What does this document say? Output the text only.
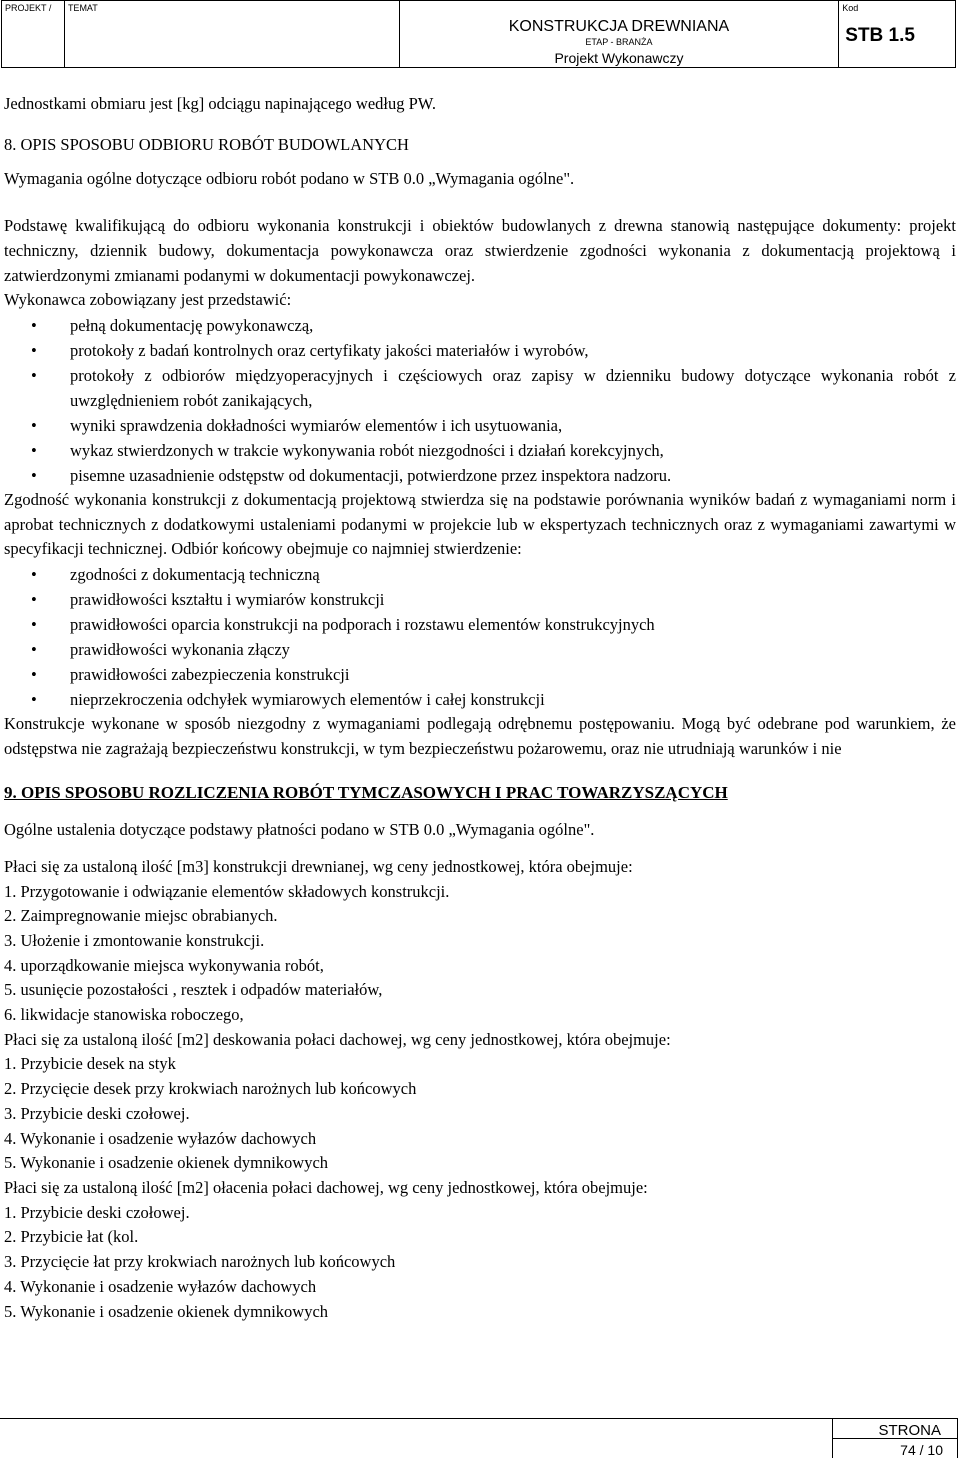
PROJEKT /	TEMAT

KONSTRUKCJA DREWNIANA
ETAP - BRANŻA
Projekt Wykonawczy

Kod
STB 1.5

Jednostkami obmiaru jest [kg] odciągu napinającego według PW.

8. OPIS SPOSOBU ODBIORU ROBÓT BUDOWLANYCH

Wymagania ogólne dotyczące odbioru robót podano w STB 0.0 „Wymagania ogólne".

Podstawę kwalifikującą do odbioru wykonania konstrukcji i obiektów budowlanych z drewna stanowią następujące dokumenty: projekt techniczny, dziennik budowy, dokumentacja powykonawcza oraz stwierdzenie zgodności wykonania z dokumentacją projektową i zatwierdzonymi zmianami podanymi w dokumentacji powykonawczej.

Wykonawca zobowiązany jest przedstawić:

• pełną dokumentację powykonawczą,
• protokoły z badań kontrolnych oraz certyfikaty jakości materiałów i wyrobów,
• protokoły z odbiorów międzyoperacyjnych i częściowych oraz zapisy w dzienniku budowy dotyczące wykonania robót z uwzględnieniem robót zanikających,
• wyniki sprawdzenia dokładności wymiarów elementów i ich usytuowania,
• wykaz stwierdzonych w trakcie wykonywania robót niezgodności i działań korekcyjnych,
• pisemne uzasadnienie odstępstw od dokumentacji, potwierdzone przez inspektora nadzoru.

Zgodność wykonania konstrukcji z dokumentacją projektową stwierdza się na podstawie porównania wyników badań z wymaganiami norm i aprobat technicznych z dodatkowymi ustaleniami podanymi w projekcie lub w ekspertyzach technicznych oraz z wymaganiami zawartymi w specyfikacji technicznej. Odbiór końcowy obejmuje co najmniej stwierdzenie:

• zgodności z dokumentacją techniczną
• prawidłowości kształtu i wymiarów konstrukcji
• prawidłowości oparcia konstrukcji na podporach i rozstawu elementów konstrukcyjnych
• prawidłowości wykonania złączy
• prawidłowości zabezpieczenia konstrukcji
• nieprzekroczenia odchyłek wymiarowych elementów i całej konstrukcji

Konstrukcje wykonane w sposób niezgodny z wymaganiami podlegają odrębnemu postępowaniu. Mogą być odebrane pod warunkiem, że odstępstwa nie zagrażają bezpieczeństwu konstrukcji, w tym bezpieczeństwu pożarowemu, oraz nie utrudniają warunków i nie

9. OPIS SPOSOBU ROZLICZENIA ROBÓT TYMCZASOWYCH I PRAC TOWARZYSZĄCYCH

Ogólne ustalenia dotyczące podstawy płatności podano w STB 0.0 „Wymagania ogólne".

Płaci się za ustaloną ilość [m3] konstrukcji drewnianej, wg ceny jednostkowej, która obejmuje:

1. Przygotowanie i odwiązanie elementów składowych konstrukcji.

2. Zaimpregnowanie miejsc obrabianych.

3. Ułożenie i zmontowanie konstrukcji.

4. uporządkowanie miejsca wykonywania robót,

5. usunięcie pozostałości , resztek i odpadów materiałów,

6. likwidacje stanowiska roboczego,

Płaci się za ustaloną ilość [m2] deskowania połaci dachowej, wg ceny jednostkowej, która obejmuje:

1. Przybicie desek na styk

2. Przycięcie desek przy krokwiach narożnych lub końcowych

3. Przybicie deski czołowej.

4. Wykonanie i osadzenie wyłazów dachowych

5. Wykonanie i osadzenie okienek dymnikowych

Płaci się za ustaloną ilość [m2] ołacenia połaci dachowej, wg ceny jednostkowej, która obejmuje:

1. Przybicie deski czołowej.

2. Przybicie łat (kol.

3. Przycięcie łat przy krokwiach narożnych lub końcowych

4. Wykonanie i osadzenie wyłazów dachowych

5. Wykonanie i osadzenie okienek dymnikowych

STRONA
74 / 10
